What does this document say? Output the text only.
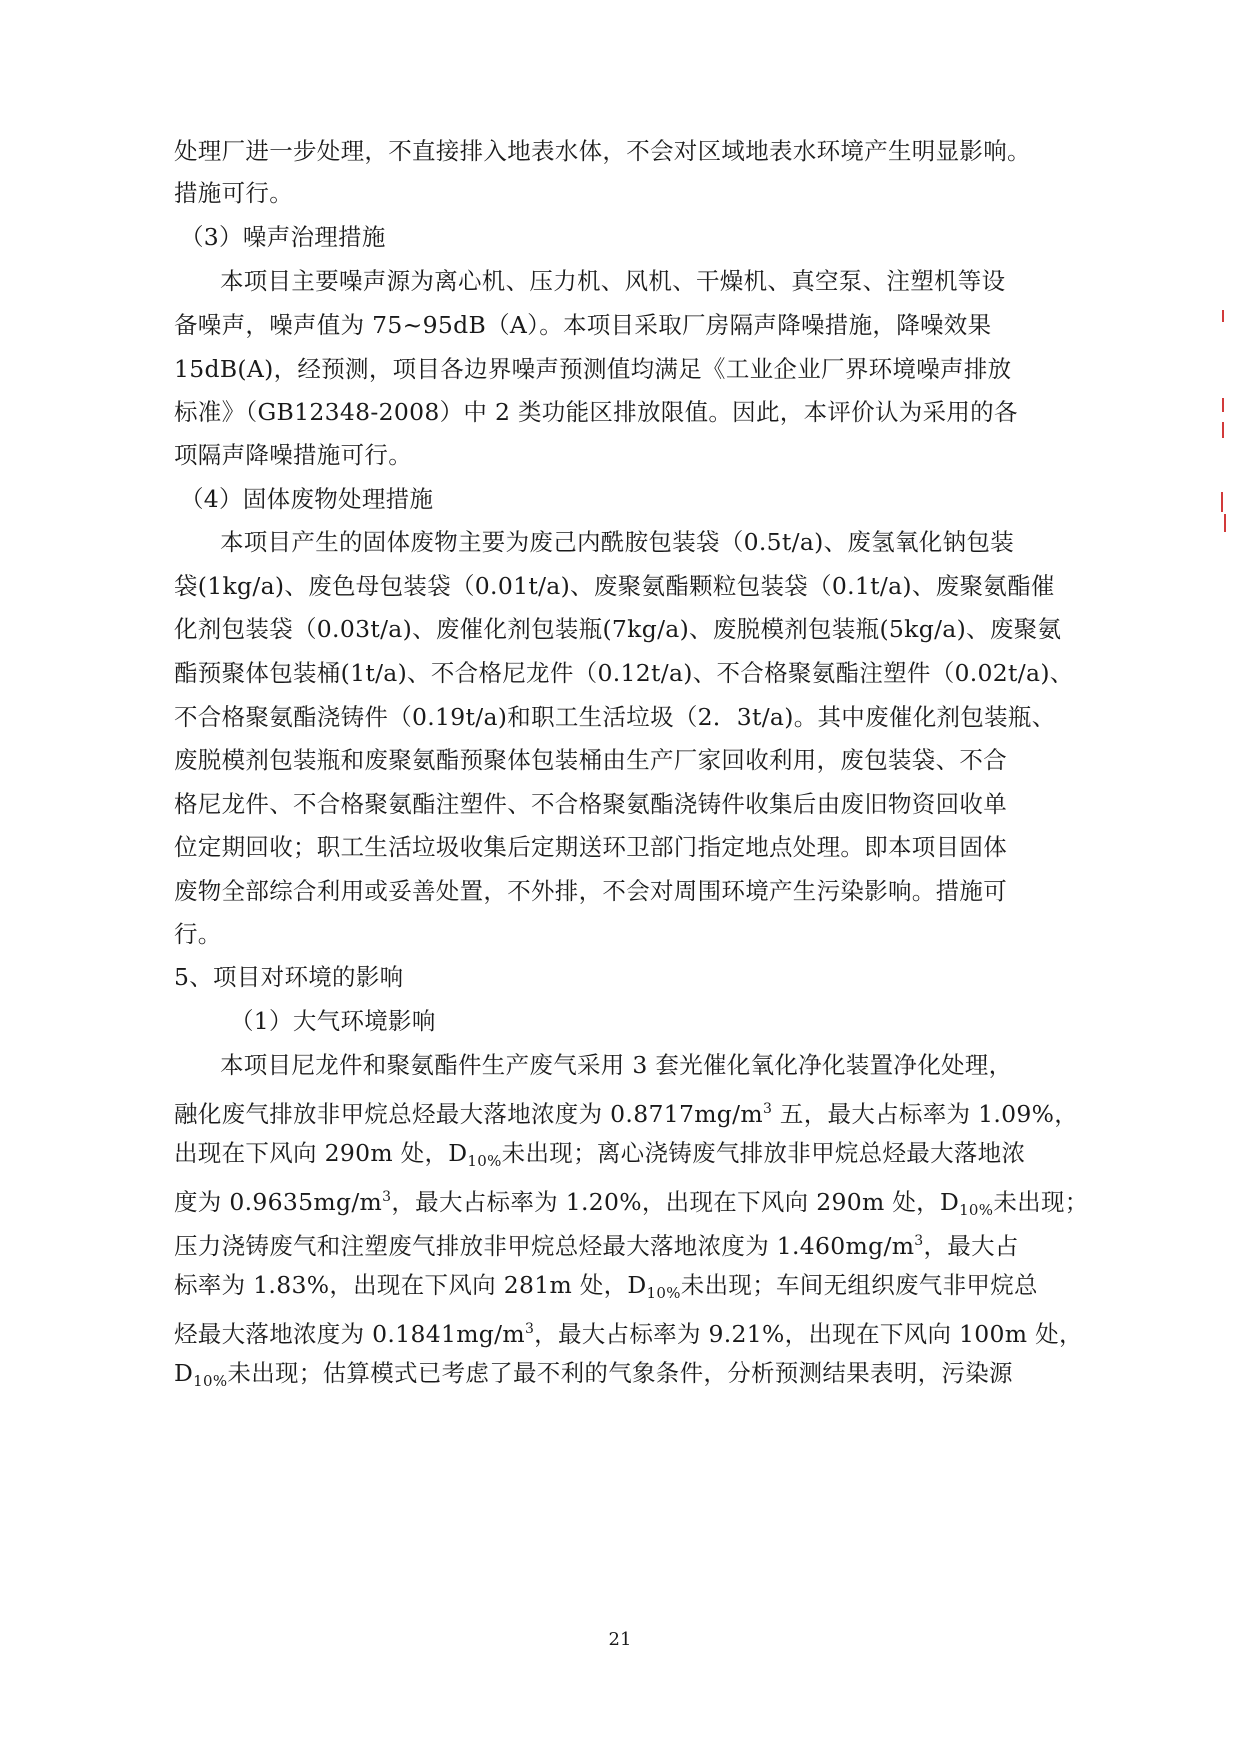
处理厂进一步处理，不直接排入地表水体，不会对区域地表水环境产生明显影响。
措施可行。
（3）噪声治理措施
本项目主要噪声源为离心机、压力机、风机、干燥机、真空泵、注塑机等设
备噪声，噪声值为 75~95dB（A）。本项目采取厂房隔声降噪措施，降噪效果
15dB(A)，经预测，项目各边界噪声预测值均满足《工业企业厂界环境噪声排放
标准》（GB12348-2008）中 2 类功能区排放限值。因此，本评价认为采用的各
项隔声降噪措施可行。
（4）固体废物处理措施
本项目产生的固体废物主要为废己内酰胺包装袋（0.5t/a)、废氢氧化钠包装
袋(1kg/a)、废色母包装袋（0.01t/a)、废聚氨酯颗粒包装袋（0.1t/a)、废聚氨酯催
化剂包装袋（0.03t/a)、废催化剂包装瓶(7kg/a)、废脱模剂包装瓶(5kg/a)、废聚氨
酯预聚体包装桶(1t/a)、不合格尼龙件（0.12t/a)、不合格聚氨酯注塑件（0.02t/a)、
不合格聚氨酯浇铸件（0.19t/a)和职工生活垃圾（2．3t/a)。其中废催化剂包装瓶、
废脱模剂包装瓶和废聚氨酯预聚体包装桶由生产厂家回收利用，废包装袋、不合
格尼龙件、不合格聚氨酯注塑件、不合格聚氨酯浇铸件收集后由废旧物资回收单
位定期回收；职工生活垃圾收集后定期送环卫部门指定地点处理。即本项目固体
废物全部综合利用或妥善处置，不外排，不会对周围环境产生污染影响。措施可
行。
5、项目对环境的影响
（1）大气环境影响
本项目尼龙件和聚氨酯件生产废气采用 3 套光催化氧化净化装置净化处理，
融化废气排放非甲烷总烃最大落地浓度为 $0.8717mg/m^3$ 五，最大占标率为 1.09%，
出现在下风向 290m 处，$D_{10\%}$未出现；离心浇铸废气排放非甲烷总烃最大落地浓
度为 $0.9635mg/m^3$，最大占标率为 1.20%，出现在下风向 290m 处，$D_{10\%}$未出现；
压力浇铸废气和注塑废气排放非甲烷总烃最大落地浓度为 $1.460mg/m^3$，最大占
标率为 1.83%，出现在下风向 281m 处，$D_{10\%}$未出现；车间无组织废气非甲烷总
烃最大落地浓度为 $0.1841mg/m^3$，最大占标率为 9.21%，出现在下风向 100m 处，
$D_{10\%}$未出现；估算模式已考虑了最不利的气象条件，分析预测结果表明，污染源
21
